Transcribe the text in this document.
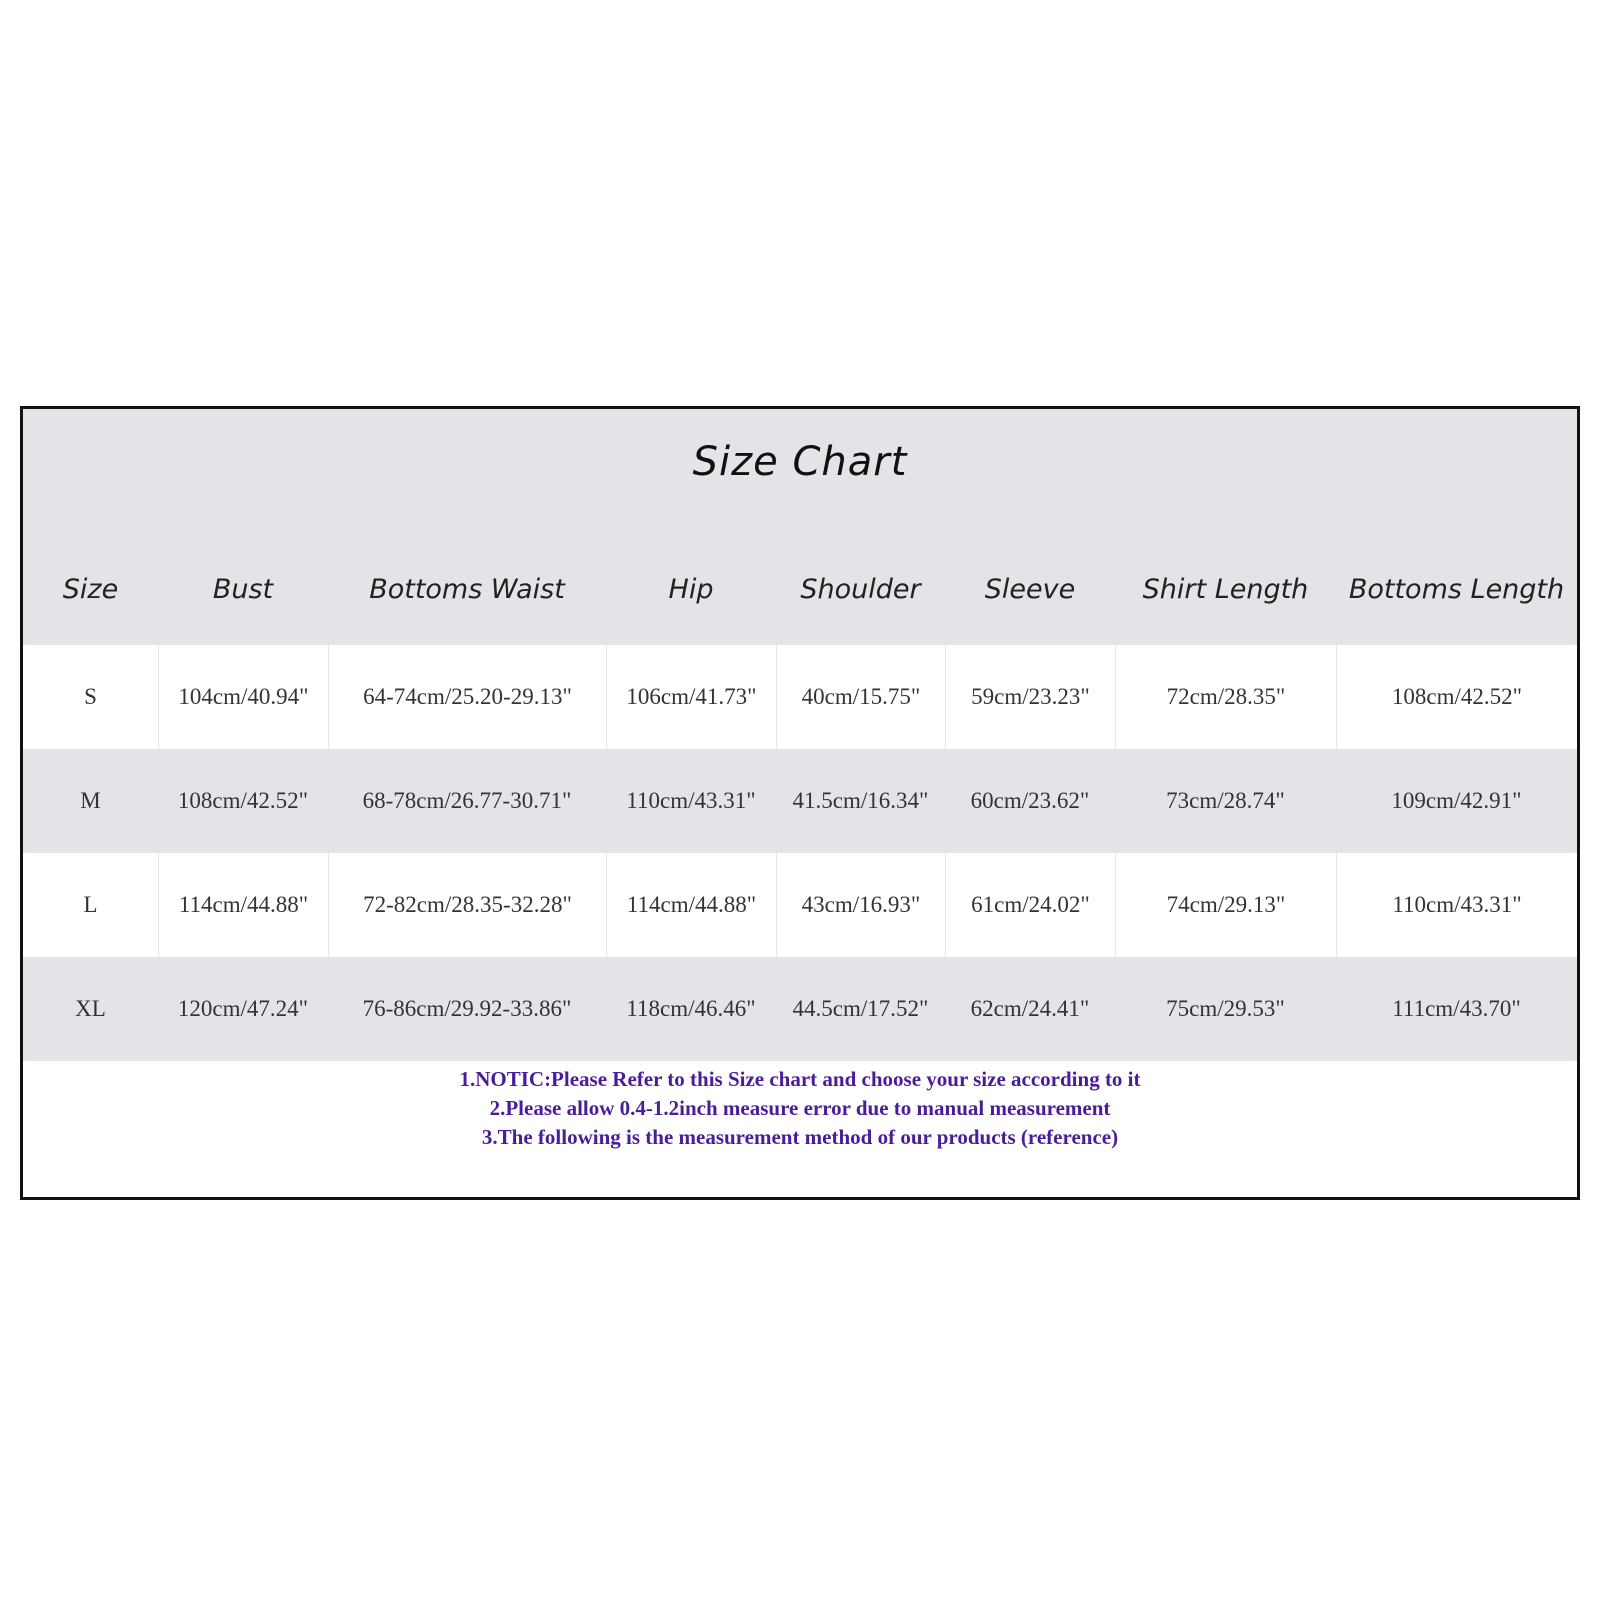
Size Chart
Size	Bust	Bottoms Waist	Hip	Shoulder	Sleeve	Shirt Length	Bottoms Length
S	104cm/40.94"	64-74cm/25.20-29.13"	106cm/41.73"	40cm/15.75"	59cm/23.23"	72cm/28.35"	108cm/42.52"
M	108cm/42.52"	68-78cm/26.77-30.71"	110cm/43.31"	41.5cm/16.34"	60cm/23.62"	73cm/28.74"	109cm/42.91"
L	114cm/44.88"	72-82cm/28.35-32.28"	114cm/44.88"	43cm/16.93"	61cm/24.02"	74cm/29.13"	110cm/43.31"
XL	120cm/47.24"	76-86cm/29.92-33.86"	118cm/46.46"	44.5cm/17.52"	62cm/24.41"	75cm/29.53"	111cm/43.70"
1.NOTIC:Please Refer to this Size chart and choose your size according to it
2.Please allow 0.4-1.2inch measure error due to manual measurement
3.The following is the measurement method of our products (reference)
